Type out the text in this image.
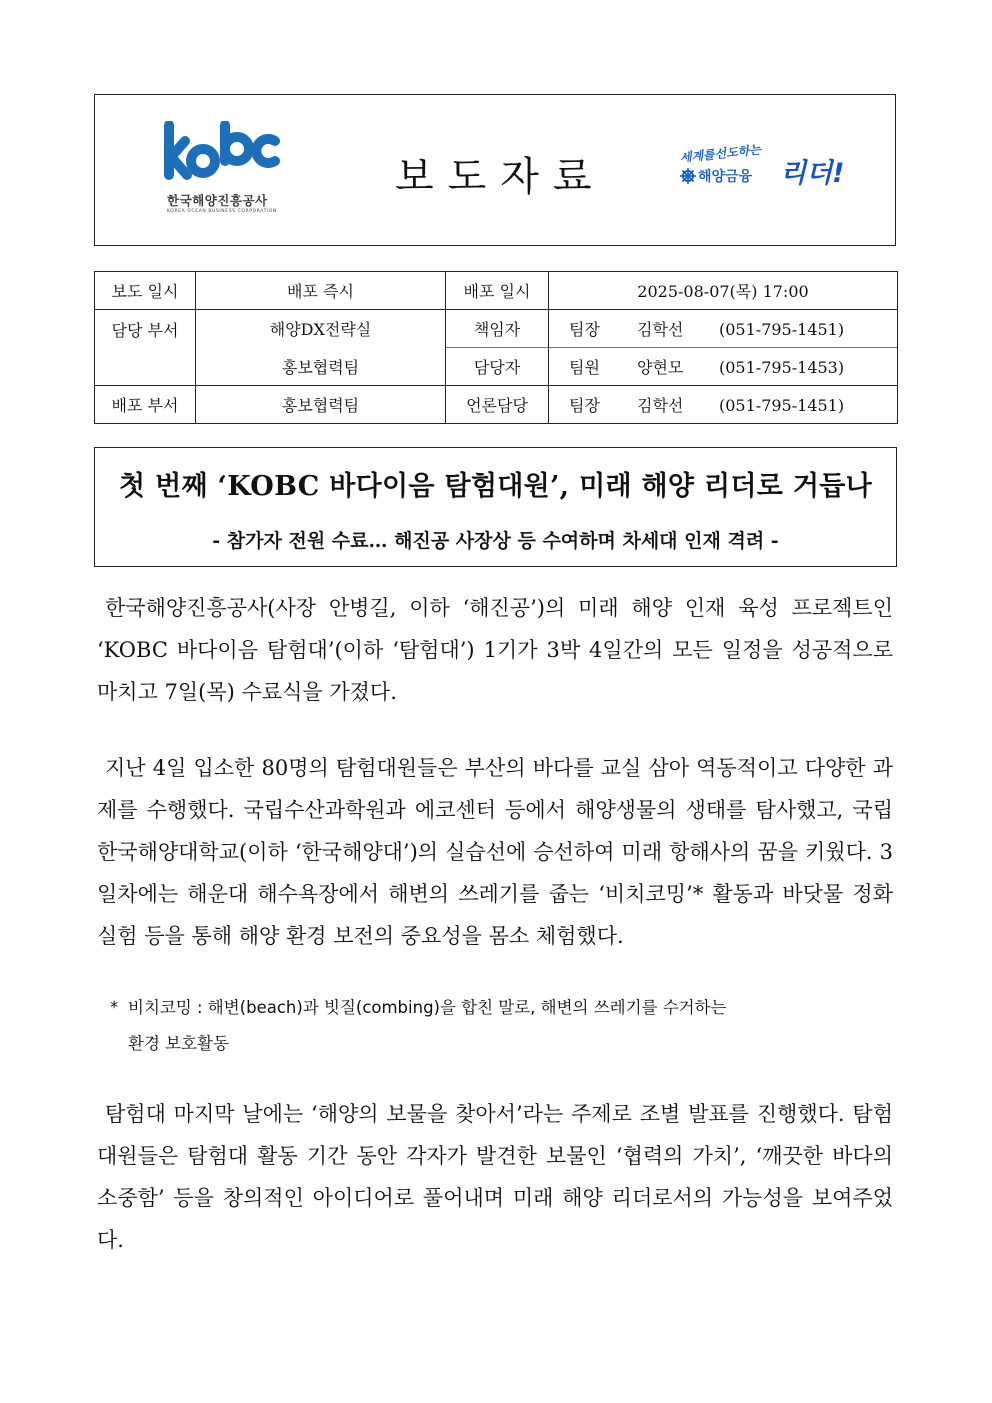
한국해양진흥공사
KOREA OCEAN BUSINESS CORPORATION
보도자료
세계를선도하는
해양금융 리더!
보도 일시	배포 즉시	배포 일시	2025-08-07(목) 17:00
담당 부서	해양DX전략실	책임자	팀장 김학선 (051-795-1451)
	홍보협력팀	담당자	팀원 양현모 (051-795-1453)
배포 부서	홍보협력팀	언론담당	팀장 김학선 (051-795-1451)
첫 번째 ‘KOBC 바다이음 탐험대원’, 미래 해양 리더로 거듭나
- 참가자 전원 수료… 해진공 사장상 등 수여하며 차세대 인재 격려 -

한국해양진흥공사(사장 안병길, 이하 ‘해진공’)의 미래 해양 인재 육성 프로젝트인 ‘KOBC 바다이음 탐험대’(이하 ‘탐험대’) 1기가 3박 4일간의 모든 일정을 성공적으로 마치고 7일(목) 수료식을 가졌다.

지난 4일 입소한 80명의 탐험대원들은 부산의 바다를 교실 삼아 역동적이고 다양한 과제를 수행했다. 국립수산과학원과 에코센터 등에서 해양생물의 생태를 탐사했고, 국립한국해양대학교(이하 ‘한국해양대’)의 실습선에 승선하여 미래 항해사의 꿈을 키웠다. 3일차에는 해운대 해수욕장에서 해변의 쓰레기를 줍는 ‘비치코밍’* 활동과 바닷물 정화 실험 등을 통해 해양 환경 보전의 중요성을 몸소 체험했다.

* 비치코밍 : 해변(beach)과 빗질(combing)을 합친 말로, 해변의 쓰레기를 수거하는
환경 보호활동

탐험대 마지막 날에는 ‘해양의 보물을 찾아서’라는 주제로 조별 발표를 진행했다. 탐험대원들은 탐험대 활동 기간 동안 각자가 발견한 보물인 ‘협력의 가치’, ‘깨끗한 바다의 소중함’ 등을 창의적인 아이디어로 풀어내며 미래 해양 리더로서의 가능성을 보여주었다.
